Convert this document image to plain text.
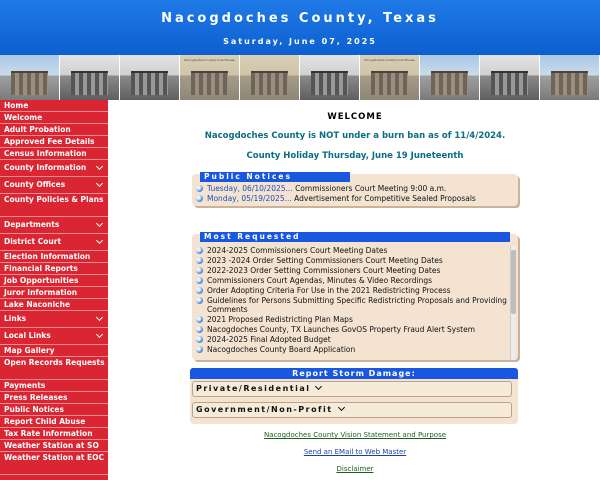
Nacogdoches County, Texas
Saturday, June 07, 2025
Nacogdoches County Courthouse	Nacogdoches County Courthouse
Home
Welcome
Adult Probation
Approved Fee Details
Census Information
County Information
County Offices
County Policies & Plans
Departments
District Court
Election Information
Financial Reports
Job Opportunities
Juror Information
Lake Naconiche
Links
Local Links
Map Gallery
Open Records Requests
Payments
Press Releases
Public Notices
Report Child Abuse
Tax Rate Information
Weather Station at SO
Weather Station at EOC
WELCOME
Nacogdoches County is NOT under a burn ban as of 11/4/2024.
County Holiday Thursday, June 19 Juneteenth
Public Notices
Tuesday, 06/10/2025... Commissioners Court Meeting 9:00 a.m.
Monday, 05/19/2025... Advertisement for Competitive Sealed Proposals
Most Requested
2024-2025 Commissioners Court Meeting Dates
2023 -2024 Order Setting Commissioners Court Meeting Dates
2022-2023 Order Setting Commissioners Court Meeting Dates
Commissioners Court Agendas, Minutes & Video Recordings
Order Adopting Criteria For Use in the 2021 Redistricting Process
Guidelines for Persons Submitting Specific Redistricting Proposals and Providing Comments
2021 Proposed Redistricting Plan Maps
Nacogdoches County, TX Launches GovOS Property Fraud Alert System
2024-2025 Final Adopted Budget
Nacogdoches County Board Application
Report Storm Damage:
Private/Residential
Government/Non-Profit
Nacogdoches County Vision Statement and Purpose
Send an EMail to Web Master
Disclaimer
